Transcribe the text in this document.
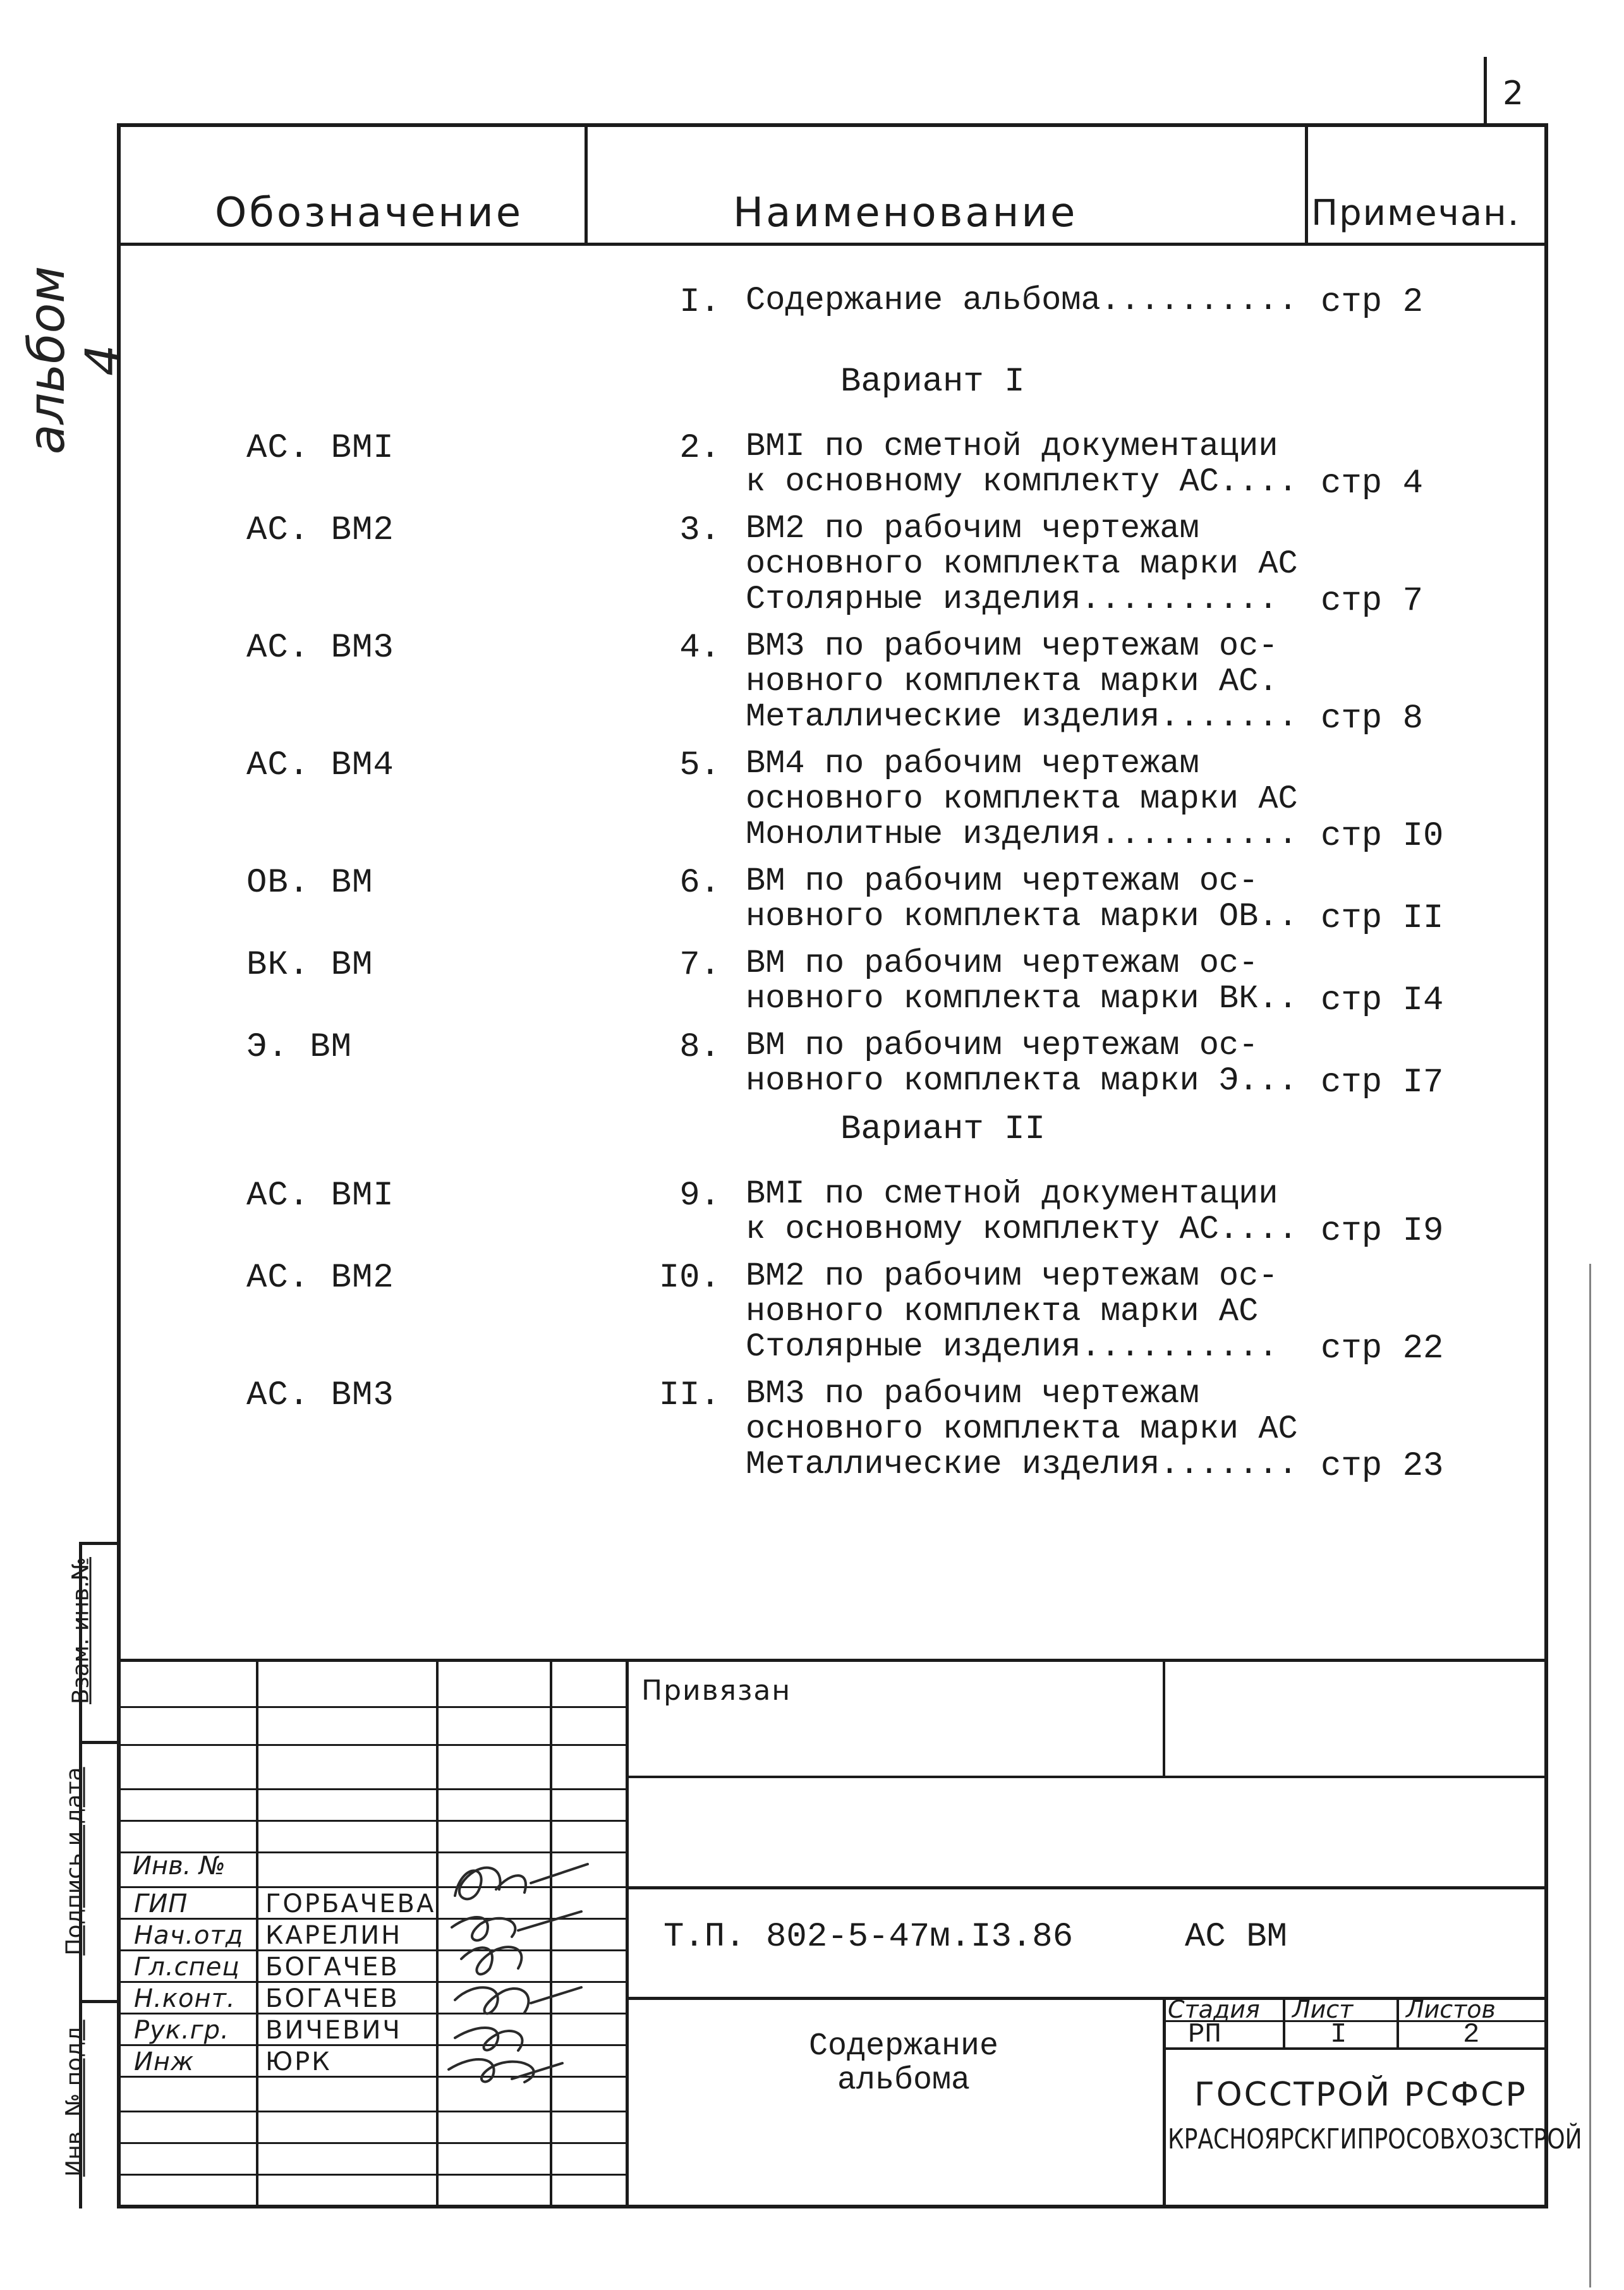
2
альбом 4
Обозначение	Наименование	Примечан.
I. Содержание альбома.......... стр 2
Вариант I
АС. ВМI	2. ВМI по сметной документации
к основному комплекту АС.... стр 4
АС. ВМ2	3. ВМ2 по рабочим чертежам
основного комплекта марки АС
Столярные изделия.......... стр 7
АС. ВМ3	4. ВМ3 по рабочим чертежам ос-
новного комплекта марки АС.
Металлические изделия....... стр 8
АС. ВМ4	5. ВМ4 по рабочим чертежам
основного комплекта марки АС
Монолитные изделия.......... стр I0
ОВ. ВМ	6. ВМ по рабочим чертежам ос-
новного комплекта марки ОВ.. стр II
ВК. ВМ	7. ВМ по рабочим чертежам ос-
новного комплекта марки ВК.. стр I4
Э. ВМ	8. ВМ по рабочим чертежам ос-
новного комплекта марки Э... стр I7
Вариант II
АС. ВМI	9. ВМI по сметной документации
к основному комплекту АС.... стр I9
АС. ВМ2	I0. ВМ2 по рабочим чертежам ос-
новного комплекта марки АС
Столярные изделия.......... стр 22
АС. ВМ3	II. ВМ3 по рабочим чертежам
основного комплекта марки АС
Металлические изделия....... стр 23
Взам. инв.№
Подпись и дата
Инв. № подл.
Привязан
Т.П. 802-5-47м.I3.86	АС ВМ
Содержание
альбома
Стадия Лист Листов
РП	I	2
ГОССТРОЙ РСФСР
КРАСНОЯРСКГИПРОСОВХОЗСТРОЙ
Инв. №
ГИП	ГОРБАЧЕВА
Нач.отд КАРЕЛИН
Гл.спец БОГАЧЕВ
Н.конт. БОГАЧЕВ
Рук.гр. ВИЧЕВИЧ
Инж	ЮРК
